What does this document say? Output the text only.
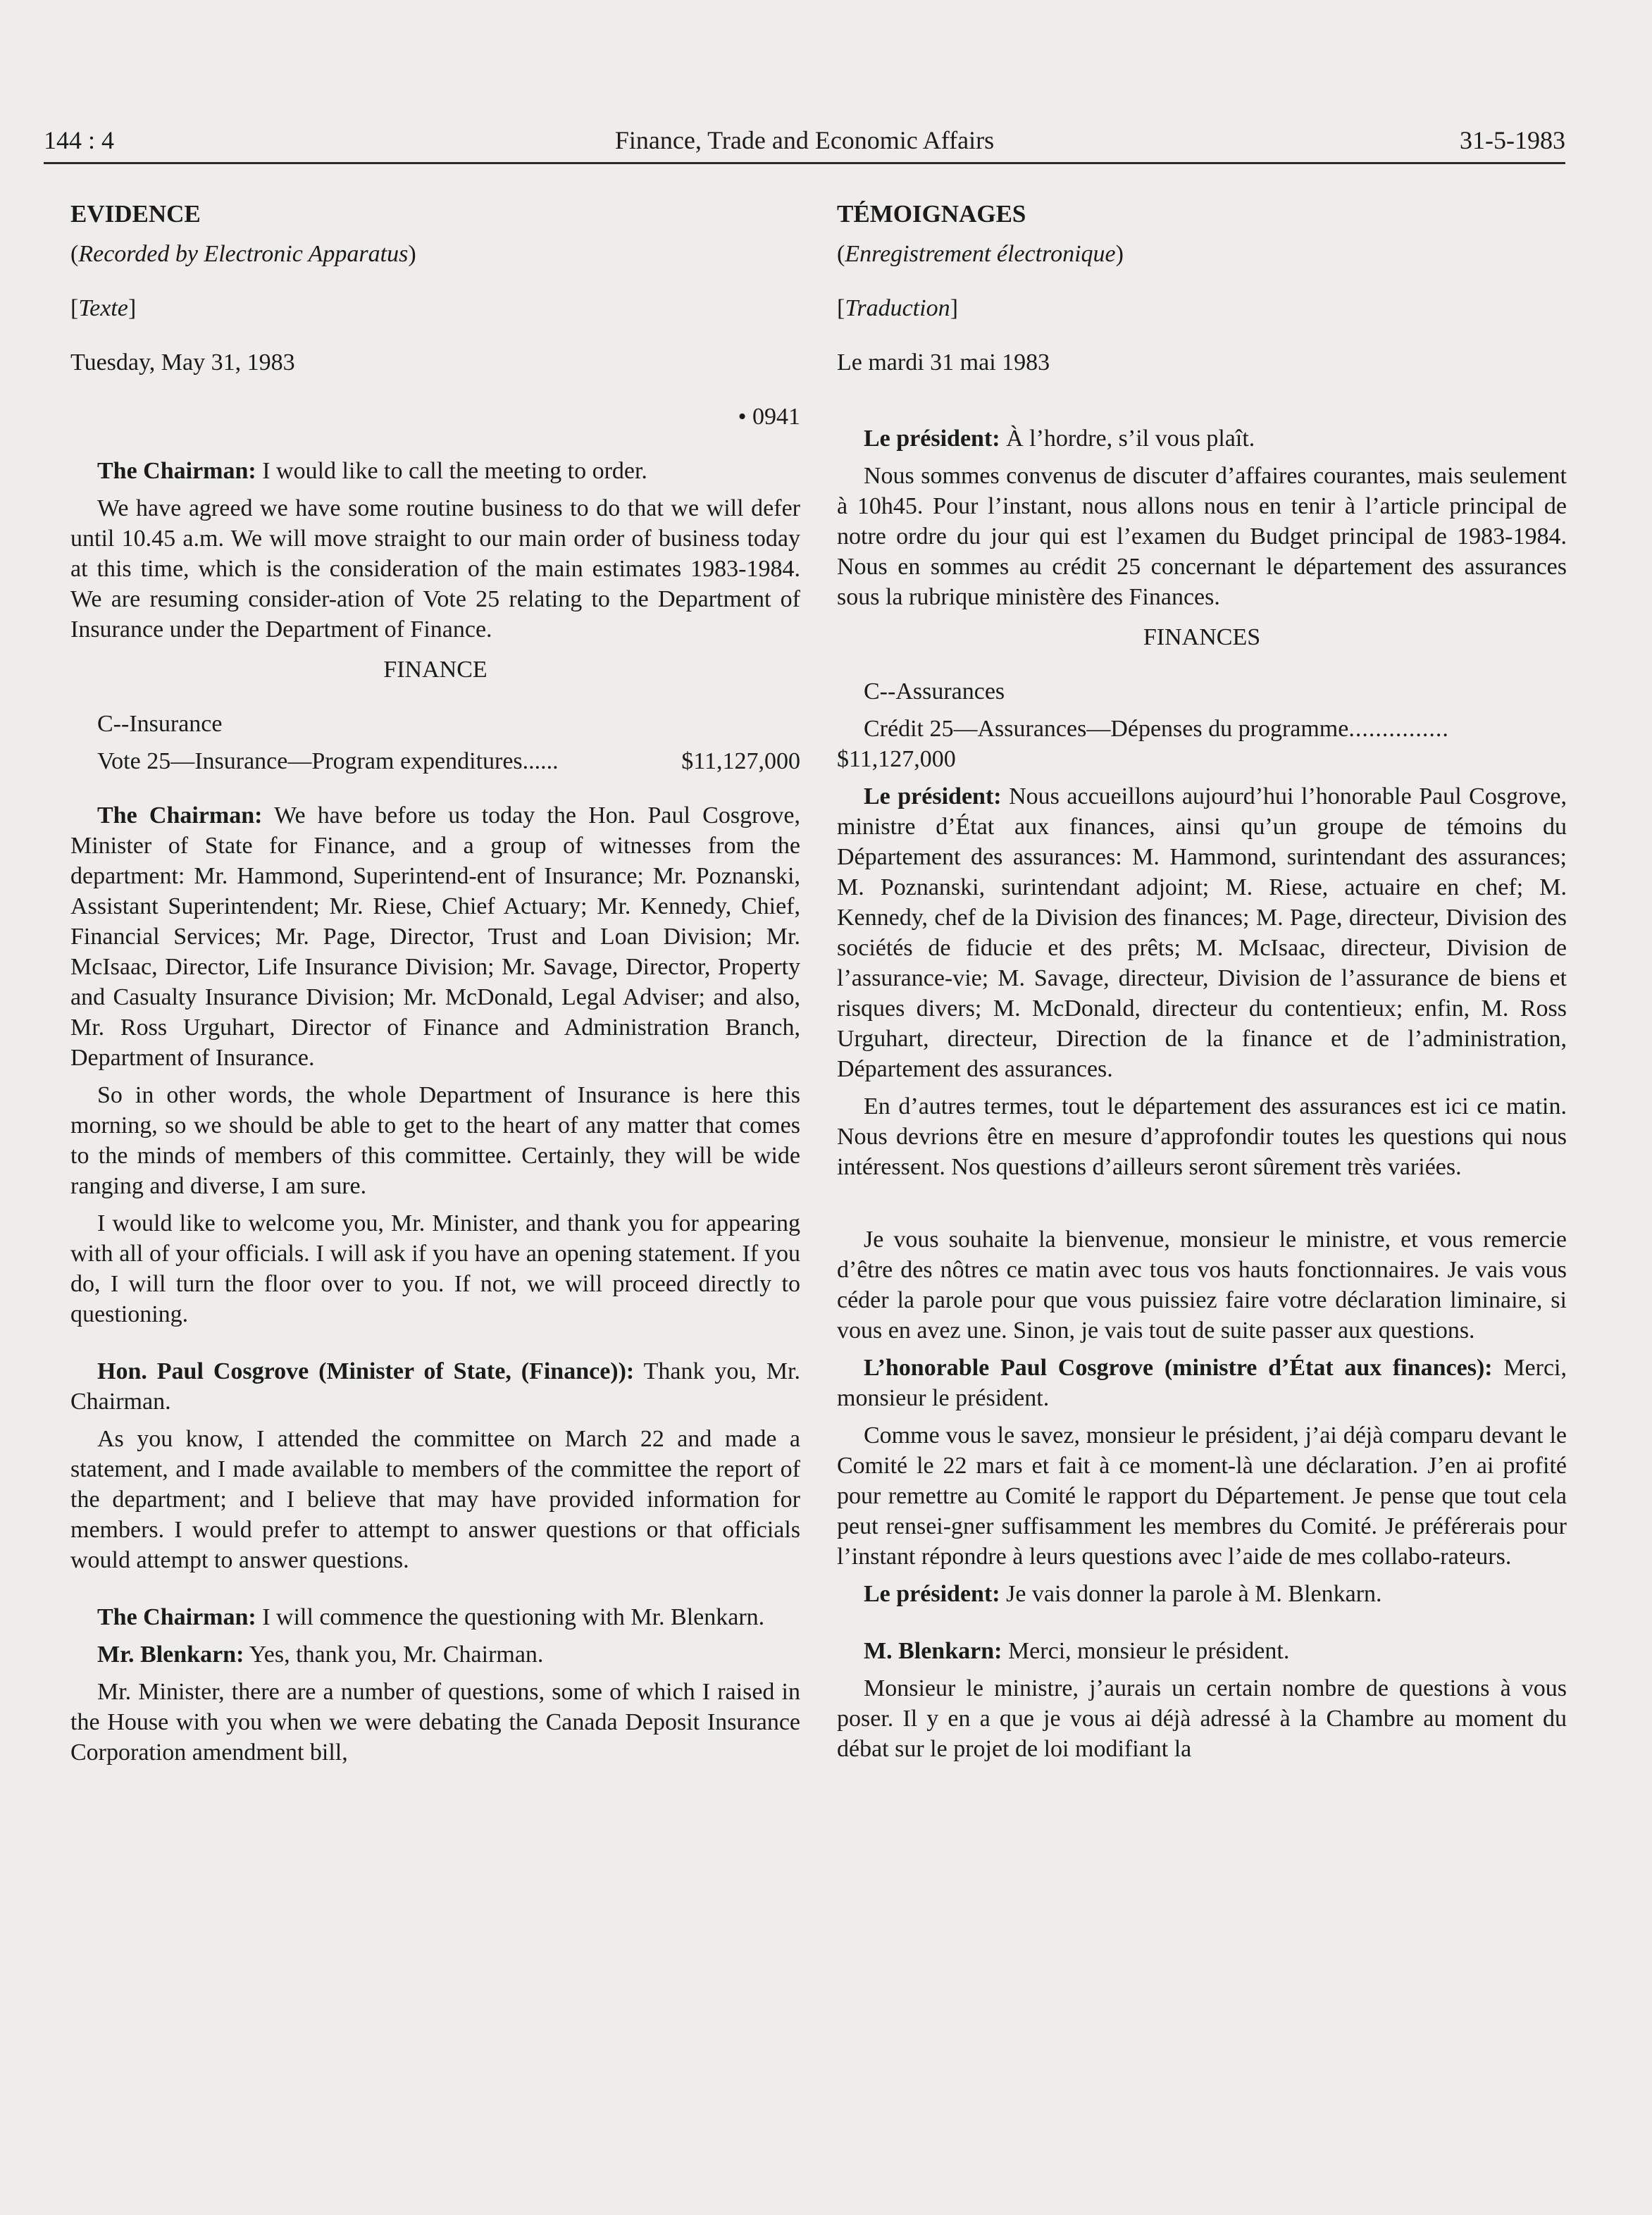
144 : 4	Finance, Trade and Economic Affairs	31-5-1983

EVIDENCE

(Recorded by Electronic Apparatus)

[Texte]

Tuesday, May 31, 1983

• 0941

The Chairman: I would like to call the meeting to order.

We have agreed we have some routine business to do that we will defer until 10.45 a.m. We will move straight to our main order of business today at this time, which is the consideration of the main estimates 1983-1984. We are resuming consider-ation of Vote 25 relating to the Department of Insurance under the Department of Finance.

FINANCE

C--Insurance

Vote 25—Insurance—Program expenditures......	$11,127,000

The Chairman: We have before us today the Hon. Paul Cosgrove, Minister of State for Finance, and a group of witnesses from the department: Mr. Hammond, Superintend-ent of Insurance; Mr. Poznanski, Assistant Superintendent; Mr. Riese, Chief Actuary; Mr. Kennedy, Chief, Financial Services; Mr. Page, Director, Trust and Loan Division; Mr. McIsaac, Director, Life Insurance Division; Mr. Savage, Director, Property and Casualty Insurance Division; Mr. McDonald, Legal Adviser; and also, Mr. Ross Urguhart, Director of Finance and Administration Branch, Department of Insurance.

So in other words, the whole Department of Insurance is here this morning, so we should be able to get to the heart of any matter that comes to the minds of members of this committee. Certainly, they will be wide ranging and diverse, I am sure.

I would like to welcome you, Mr. Minister, and thank you for appearing with all of your officials. I will ask if you have an opening statement. If you do, I will turn the floor over to you. If not, we will proceed directly to questioning.

Hon. Paul Cosgrove (Minister of State, (Finance)): Thank you, Mr. Chairman.

As you know, I attended the committee on March 22 and made a statement, and I made available to members of the committee the report of the department; and I believe that may have provided information for members. I would prefer to attempt to answer questions or that officials would attempt to answer questions.

The Chairman: I will commence the questioning with Mr. Blenkarn.

Mr. Blenkarn: Yes, thank you, Mr. Chairman.

Mr. Minister, there are a number of questions, some of which I raised in the House with you when we were debating the Canada Deposit Insurance Corporation amendment bill,

TÉMOIGNAGES

(Enregistrement électronique)

[Traduction]

Le mardi 31 mai 1983

Le président: À l’hordre, s’il vous plaît.

Nous sommes convenus de discuter d’affaires courantes, mais seulement à 10h45. Pour l’instant, nous allons nous en tenir à l’article principal de notre ordre du jour qui est l’examen du Budget principal de 1983-1984. Nous en sommes au crédit 25 concernant le département des assurances sous la rubrique ministère des Finances.

FINANCES

C--Assurances

Crédit 25—Assurances—Dépenses du programme...............
$11,127,000

Le président: Nous accueillons aujourd’hui l’honorable Paul Cosgrove, ministre d’État aux finances, ainsi qu’un groupe de témoins du Département des assurances: M. Hammond, surintendant des assurances; M. Poznanski, surintendant adjoint; M. Riese, actuaire en chef; M. Kennedy, chef de la Division des finances; M. Page, directeur, Division des sociétés de fiducie et des prêts; M. McIsaac, directeur, Division de l’assurance-vie; M. Savage, directeur, Division de l’assurance de biens et risques divers; M. McDonald, directeur du contentieux; enfin, M. Ross Urguhart, directeur, Direction de la finance et de l’administration, Département des assurances.

En d’autres termes, tout le département des assurances est ici ce matin. Nous devrions être en mesure d’approfondir toutes les questions qui nous intéressent. Nos questions d’ailleurs seront sûrement très variées.

Je vous souhaite la bienvenue, monsieur le ministre, et vous remercie d’être des nôtres ce matin avec tous vos hauts fonctionnaires. Je vais vous céder la parole pour que vous puissiez faire votre déclaration liminaire, si vous en avez une. Sinon, je vais tout de suite passer aux questions.

L’honorable Paul Cosgrove (ministre d’État aux finances): Merci, monsieur le président.

Comme vous le savez, monsieur le président, j’ai déjà comparu devant le Comité le 22 mars et fait à ce moment-là une déclaration. J’en ai profité pour remettre au Comité le rapport du Département. Je pense que tout cela peut rensei-gner suffisamment les membres du Comité. Je préférerais pour l’instant répondre à leurs questions avec l’aide de mes collabo-rateurs.

Le président: Je vais donner la parole à M. Blenkarn.

M. Blenkarn: Merci, monsieur le président.

Monsieur le ministre, j’aurais un certain nombre de questions à vous poser. Il y en a que je vous ai déjà adressé à la Chambre au moment du débat sur le projet de loi modifiant la
